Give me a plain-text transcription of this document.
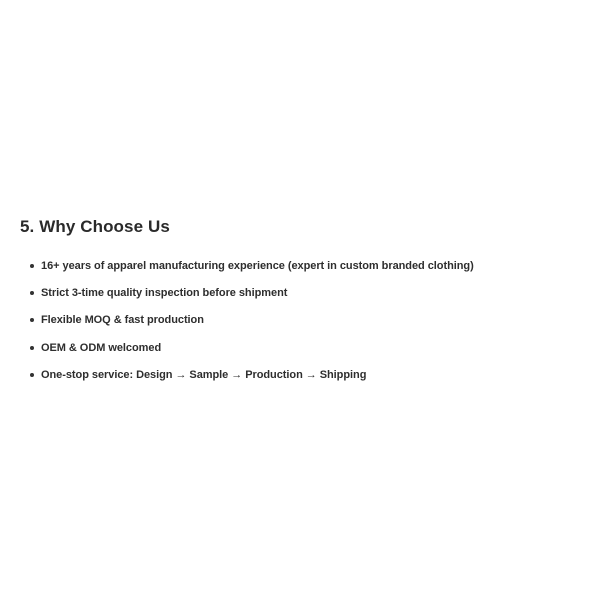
5. Why Choose Us
16+ years of apparel manufacturing experience (expert in custom branded clothing)
Strict 3-time quality inspection before shipment
Flexible MOQ & fast production
OEM & ODM welcomed
One-stop service: Design → Sample → Production → Shipping
